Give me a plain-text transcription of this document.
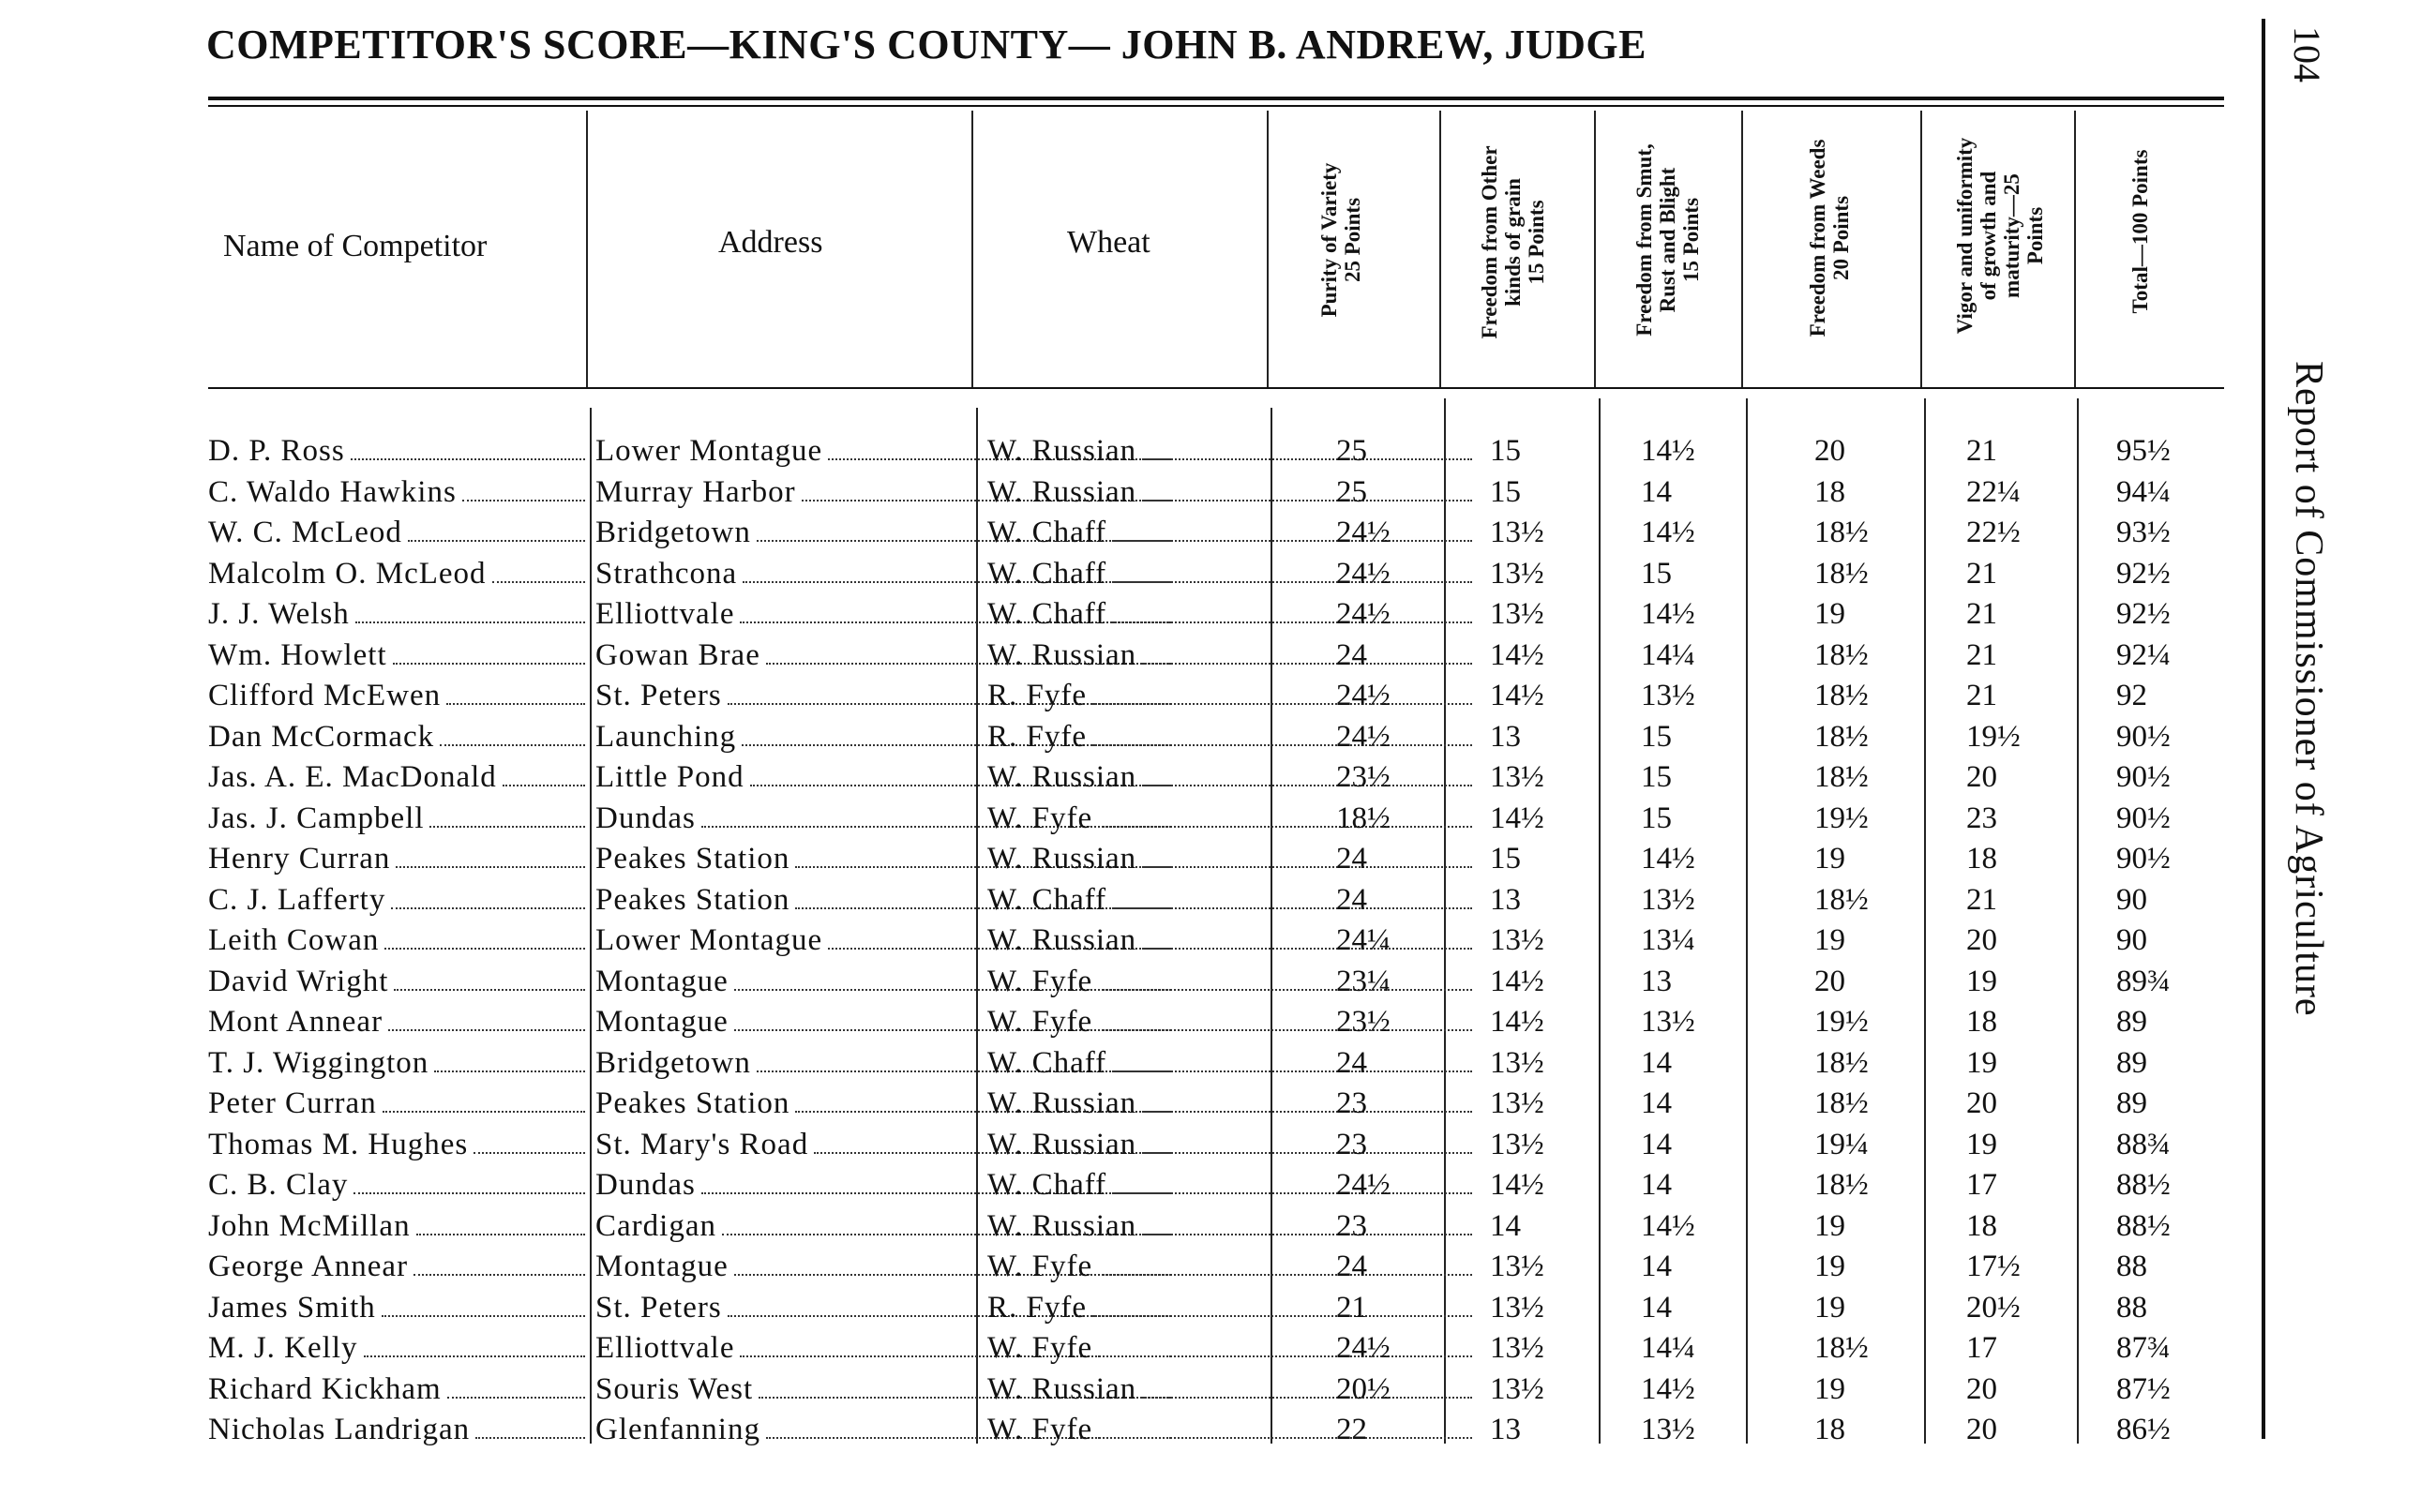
COMPETITOR'S SCORE—KING'S COUNTY— JOHN B. ANDREW, JUDGE
Name of Competitor	Address	Wheat	Purity of Variety 25 Points	Freedom from Other kinds of grain 15 Points	Freedom from Smut, Rust and Blight 15 Points	Freedom from Weeds 20 Points	Vigor and uniformity of growth and maturity—25 Points	Total—100 Points
D. P. Ross	Lower Montague	W. Russian	25	15	14½	20	21	95½
C. Waldo Hawkins	Murray Harbor	W. Russian	25	15	14	18	22¼	94¼
W. C. McLeod	Bridgetown	W. Chaff	24½	13½	14½	18½	22½	93½
Malcolm O. McLeod	Strathcona	W. Chaff	24½	13½	15	18½	21	92½
J. J. Welsh	Elliottvale	W. Chaff	24½	13½	14½	19	21	92½
Wm. Howlett	Gowan Brae	W. Russian	24	14½	14¼	18½	21	92¼
Clifford McEwen	St. Peters	R. Fyfe	24½	14½	13½	18½	21	92
Dan McCormack	Launching	R. Fyfe	24½	13	15	18½	19½	90½
Jas. A. E. MacDonald	Little Pond	W. Russian	23½	13½	15	18½	20	90½
Jas. J. Campbell	Dundas	W. Fyfe	18½	14½	15	19½	23	90½
Henry Curran	Peakes Station	W. Russian	24	15	14½	19	18	90½
C. J. Lafferty	Peakes Station	W. Chaff	24	13	13½	18½	21	90
Leith Cowan	Lower Montague	W. Russian	24¼	13½	13¼	19	20	90
David Wright	Montague	W. Fyfe	23¼	14½	13	20	19	89¾
Mont Annear	Montague	W. Fyfe	23½	14½	13½	19½	18	89
T. J. Wiggington	Bridgetown	W. Chaff	24	13½	14	18½	19	89
Peter Curran	Peakes Station	W. Russian	23	13½	14	18½	20	89
Thomas M. Hughes	St. Mary's Road	W. Russian	23	13½	14	19¼	19	88¾
C. B. Clay	Dundas	W. Chaff	24½	14½	14	18½	17	88½
John McMillan	Cardigan	W. Russian	23	14	14½	19	18	88½
George Annear	Montague	W. Fyfe	24	13½	14	19	17½	88
James Smith	St. Peters	R. Fyfe	21	13½	14	19	20½	88
M. J. Kelly	Elliottvale	W. Fyfe	24½	13½	14¼	18½	17	87¾
Richard Kickham	Souris West	W. Russian	20½	13½	14½	19	20	87½
Nicholas Landrigan	Glenfanning	W. Fyfe	22	13	13½	18	20	86½
104
Report of Commissioner of Agriculture
